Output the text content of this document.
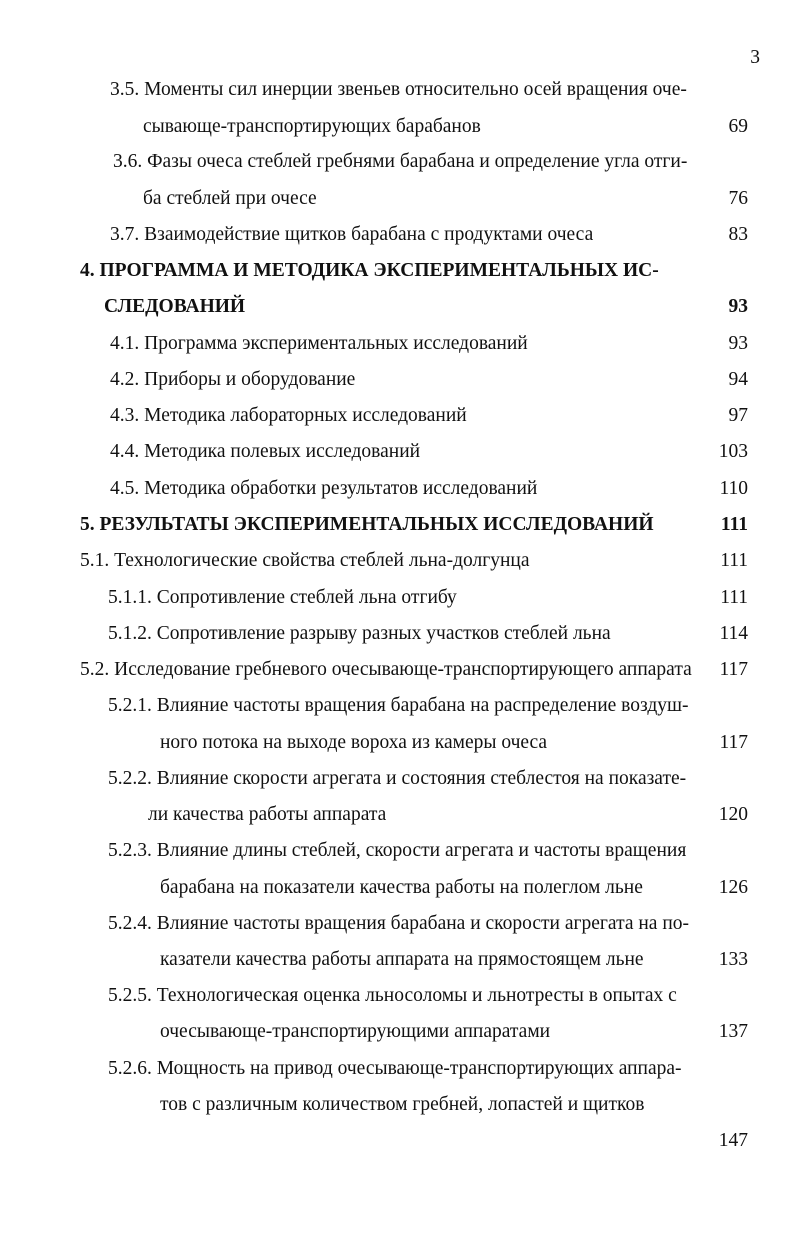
3
3.5. Моменты сил инерции звеньев относительно осей вращения оче-
сывающе-транспортирующих барабанов	69
3.6. Фазы очеса стеблей гребнями барабана и определение угла отги-
ба стеблей при очесе	76
3.7. Взаимодействие щитков барабана с продуктами очеса	83
4. ПРОГРАММА И МЕТОДИКА ЭКСПЕРИМЕНТАЛЬНЫХ ИС-
СЛЕДОВАНИЙ	93
4.1. Программа экспериментальных исследований	93
4.2. Приборы и оборудование	94
4.3. Методика лабораторных исследований	97
4.4. Методика полевых исследований	103
4.5. Методика обработки результатов исследований	110
5. РЕЗУЛЬТАТЫ ЭКСПЕРИМЕНТАЛЬНЫХ ИССЛЕДОВАНИЙ	111
5.1. Технологические свойства стеблей льна-долгунца	111
5.1.1. Сопротивление стеблей льна отгибу	111
5.1.2. Сопротивление разрыву разных участков стеблей льна	114
5.2. Исследование гребневого очесывающе-транспортирующего аппарата 117
5.2.1. Влияние частоты вращения барабана на распределение воздуш-
ного потока на выходе вороха из камеры очеса	117
5.2.2. Влияние скорости агрегата и состояния стеблестоя на показате-
ли качества работы аппарата	120
5.2.3. Влияние длины стеблей, скорости агрегата и частоты вращения
барабана на показатели качества работы на полеглом льне	126
5.2.4. Влияние частоты вращения барабана и скорости агрегата на по-
казатели качества работы аппарата на прямостоящем льне	133
5.2.5. Технологическая оценка льносоломы и льнотресты в опытах с
очесывающе-транспортирующими аппаратами	137
5.2.6. Мощность на привод очесывающе-транспортирующих аппара-
тов с различным количеством гребней, лопастей и щитков
147
